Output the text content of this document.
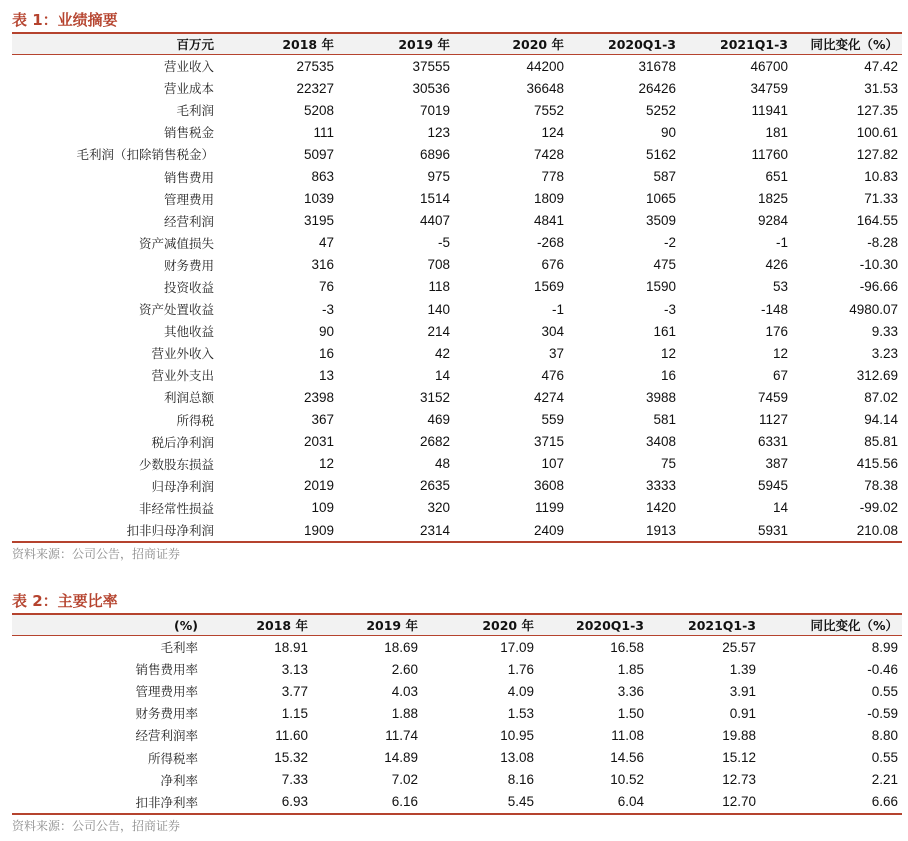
表 1：业绩摘要
百万元	2018 年	2019 年	2020 年	2020Q1-3	2021Q1-3	同比变化（%）
营业收入	27535	37555	44200	31678	46700	47.42
营业成本	22327	30536	36648	26426	34759	31.53
毛利润	5208	7019	7552	5252	11941	127.35
销售税金	111	123	124	90	181	100.61
毛利润（扣除销售税金）	5097	6896	7428	5162	11760	127.82
销售费用	863	975	778	587	651	10.83
管理费用	1039	1514	1809	1065	1825	71.33
经营利润	3195	4407	4841	3509	9284	164.55
资产减值损失	47	-5	-268	-2	-1	-8.28
财务费用	316	708	676	475	426	-10.30
投资收益	76	118	1569	1590	53	-96.66
资产处置收益	-3	140	-1	-3	-148	4980.07
其他收益	90	214	304	161	176	9.33
营业外收入	16	42	37	12	12	3.23
营业外支出	13	14	476	16	67	312.69
利润总额	2398	3152	4274	3988	7459	87.02
所得税	367	469	559	581	1127	94.14
税后净利润	2031	2682	3715	3408	6331	85.81
少数股东损益	12	48	107	75	387	415.56
归母净利润	2019	2635	3608	3333	5945	78.38
非经常性损益	109	320	1199	1420	14	-99.02
扣非归母净利润	1909	2314	2409	1913	5931	210.08
资料来源：公司公告，招商证券
表 2：主要比率
(%)	2018 年	2019 年	2020 年	2020Q1-3	2021Q1-3	同比变化（%）
毛利率	18.91	18.69	17.09	16.58	25.57	8.99
销售费用率	3.13	2.60	1.76	1.85	1.39	-0.46
管理费用率	3.77	4.03	4.09	3.36	3.91	0.55
财务费用率	1.15	1.88	1.53	1.50	0.91	-0.59
经营利润率	11.60	11.74	10.95	11.08	19.88	8.80
所得税率	15.32	14.89	13.08	14.56	15.12	0.55
净利率	7.33	7.02	8.16	10.52	12.73	2.21
扣非净利率	6.93	6.16	5.45	6.04	12.70	6.66
资料来源：公司公告，招商证券
